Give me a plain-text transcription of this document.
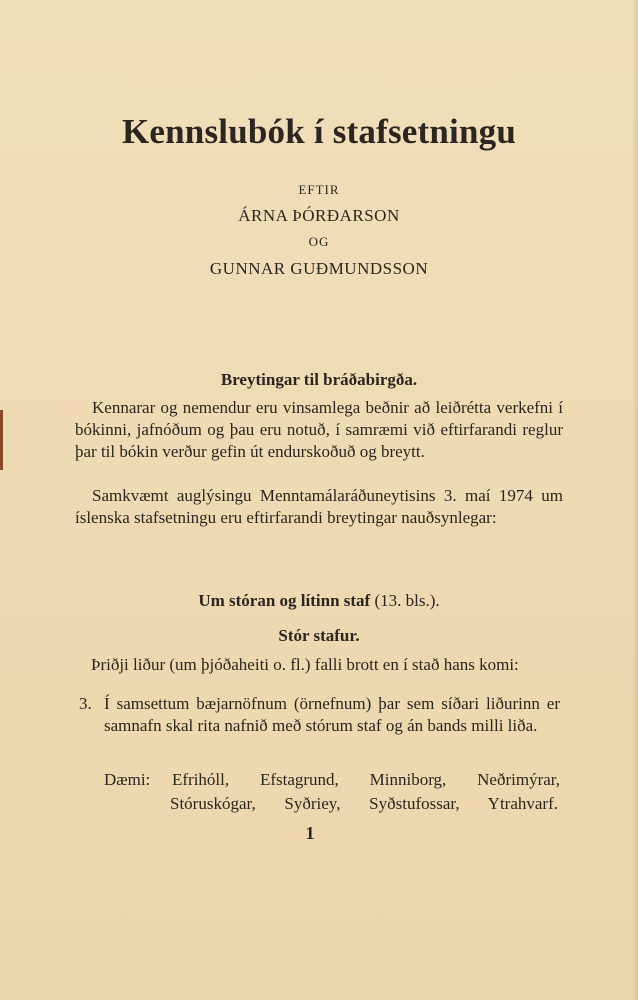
Kennslubók í stafsetningu
EFTIR
ÁRNA ÞÓRÐARSON
OG
GUNNAR GUÐMUNDSSON
Breytingar til bráðabirgða.
Kennarar og nemendur eru vinsamlega beðnir að leiðrétta verkefni í bókinni, jafnóðum og þau eru notuð, í samræmi við eftirfarandi reglur þar til bókin verður gefin út endurskoðuð og breytt.
Samkvæmt auglýsingu Menntamálaráðuneytisins 3. maí 1974 um íslenska stafsetningu eru eftirfarandi breytingar nauðsynlegar:
Um stóran og lítinn staf (13. bls.).
Stór stafur.
Þriðji liður (um þjóðaheiti o. fl.) falli brott en í stað hans komi:
3. Í samsettum bæjarnöfnum (örnefnum) þar sem síðari liðurinn er samnafn skal rita nafnið með stórum staf og án bands milli liða.
Dæmi: Efrihóll, Efstagrund, Minniborg, Neðrimýrar,
Stóruskógar, Syðriey, Syðstufossar, Ytrahvarf.
1
